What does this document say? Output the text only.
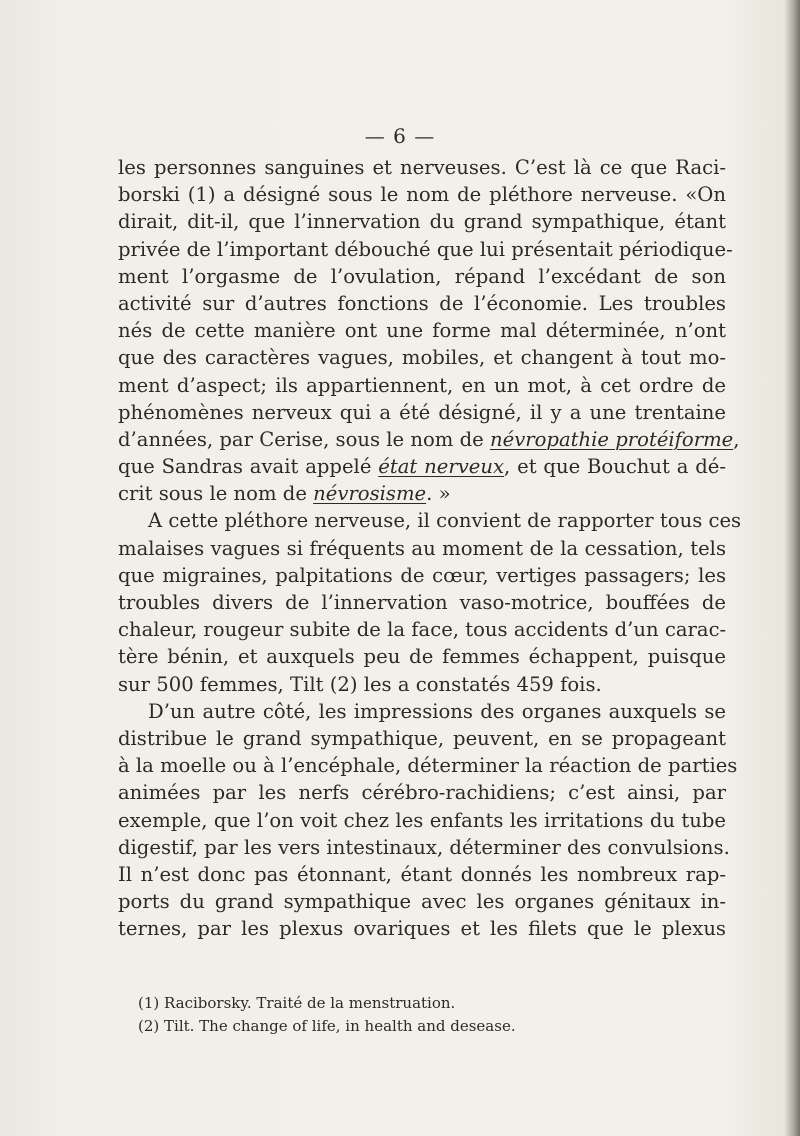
— 6 —
les personnes sanguines et nerveuses. C’est là ce que Raci-
borski (1) a désigné sous le nom de pléthore nerveuse. «On
dirait, dit-il, que l’innervation du grand sympathique, étant
privée de l’important débouché que lui présentait périodique-
ment l’orgasme de l’ovulation, répand l’excédant de son
activité sur d’autres fonctions de l’économie. Les troubles
nés de cette manière ont une forme mal déterminée, n’ont
que des caractères vagues, mobiles, et changent à tout mo-
ment d’aspect; ils appartiennent, en un mot, à cet ordre de
phénomènes nerveux qui a été désigné, il y a une trentaine
d’années, par Cerise, sous le nom de névropathie protéiforme,
que Sandras avait appelé état nerveux, et que Bouchut a dé-
crit sous le nom de névrosisme. »
A cette pléthore nerveuse, il convient de rapporter tous ces
malaises vagues si fréquents au moment de la cessation, tels
que migraines, palpitations de cœur, vertiges passagers; les
troubles divers de l’innervation vaso-motrice, bouffées de
chaleur, rougeur subite de la face, tous accidents d’un carac-
tère bénin, et auxquels peu de femmes échappent, puisque
sur 500 femmes, Tilt (2) les a constatés 459 fois.
D’un autre côté, les impressions des organes auxquels se
distribue le grand sympathique, peuvent, en se propageant
à la moelle ou à l’encéphale, déterminer la réaction de parties
animées par les nerfs cérébro-rachidiens; c’est ainsi, par
exemple, que l’on voit chez les enfants les irritations du tube
digestif, par les vers intestinaux, déterminer des convulsions.
Il n’est donc pas étonnant, étant donnés les nombreux rap-
ports du grand sympathique avec les organes génitaux in-
ternes, par les plexus ovariques et les filets que le plexus
(1) Raciborsky. Traité de la menstruation.
(2) Tilt. The change of life, in health and desease.
